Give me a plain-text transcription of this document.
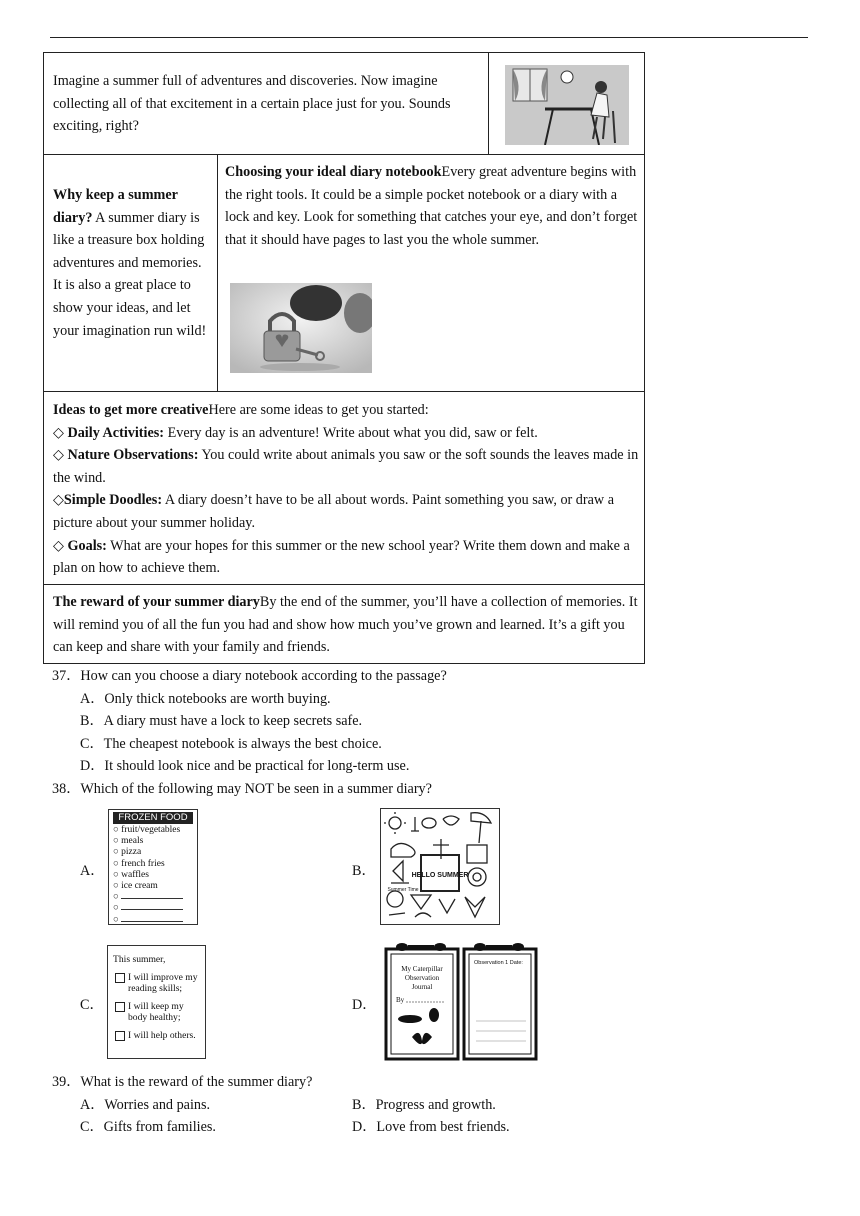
Imagine a summer full of adventures and discoveries. Now imagine collecting all of that excitement in a certain place just for you. Sounds exciting, right?
Why keep a summer diary? A summer diary is like a treasure box holding adventures and memories. It is also a great place to show your ideas, and let your imagination run wild!
Choosing your ideal diary notebookEvery great adventure begins with the right tools. It could be a simple pocket notebook or a diary with a lock and key. Look for something that catches your eye, and don’t forget that it should have pages to last you the whole summer.
Ideas to get more creativeHere are some ideas to get you started:
◇ Daily Activities: Every day is an adventure! Write about what you did, saw or felt.
◇ Nature Observations: You could write about animals you saw or the soft sounds the leaves made in the wind.
◇Simple Doodles: A diary doesn’t have to be all about words. Paint something you saw, or draw a picture about your summer holiday.
◇ Goals: What are your hopes for this summer or the new school year? Write them down and make a plan on how to achieve them.
The reward of your summer diaryBy the end of the summer, you’ll have a collection of memories. It will remind you of all the fun you had and show how much you’ve grown and learned. It’s a gift you can keep and share with your family and friends.
37．How can you choose a diary notebook according to the passage?
A．Only thick notebooks are worth buying.
B．A diary must have a lock to keep secrets safe.
C．The cheapest notebook is always the best choice.
D．It should look nice and be practical for long-term use.
38．Which of the following may NOT be seen in a summer diary?
A．
FROZEN FOOD
○ fruit/vegetables
○ meals
○ pizza
○ french fries
○ waffles
○ ice cream
○
○
○
B．	HELLO SUMMER
Summer Time
C．
This summer,
I will improve my reading skills;
I will keep my body healthy;
I will help others.
D．
My Caterpillar Observation Journal
By
Observation 1 Date:
39．What is the reward of the summer diary?
A．Worries and pains.	B．Progress and growth.
C．Gifts from families.	D．Love from best friends.
